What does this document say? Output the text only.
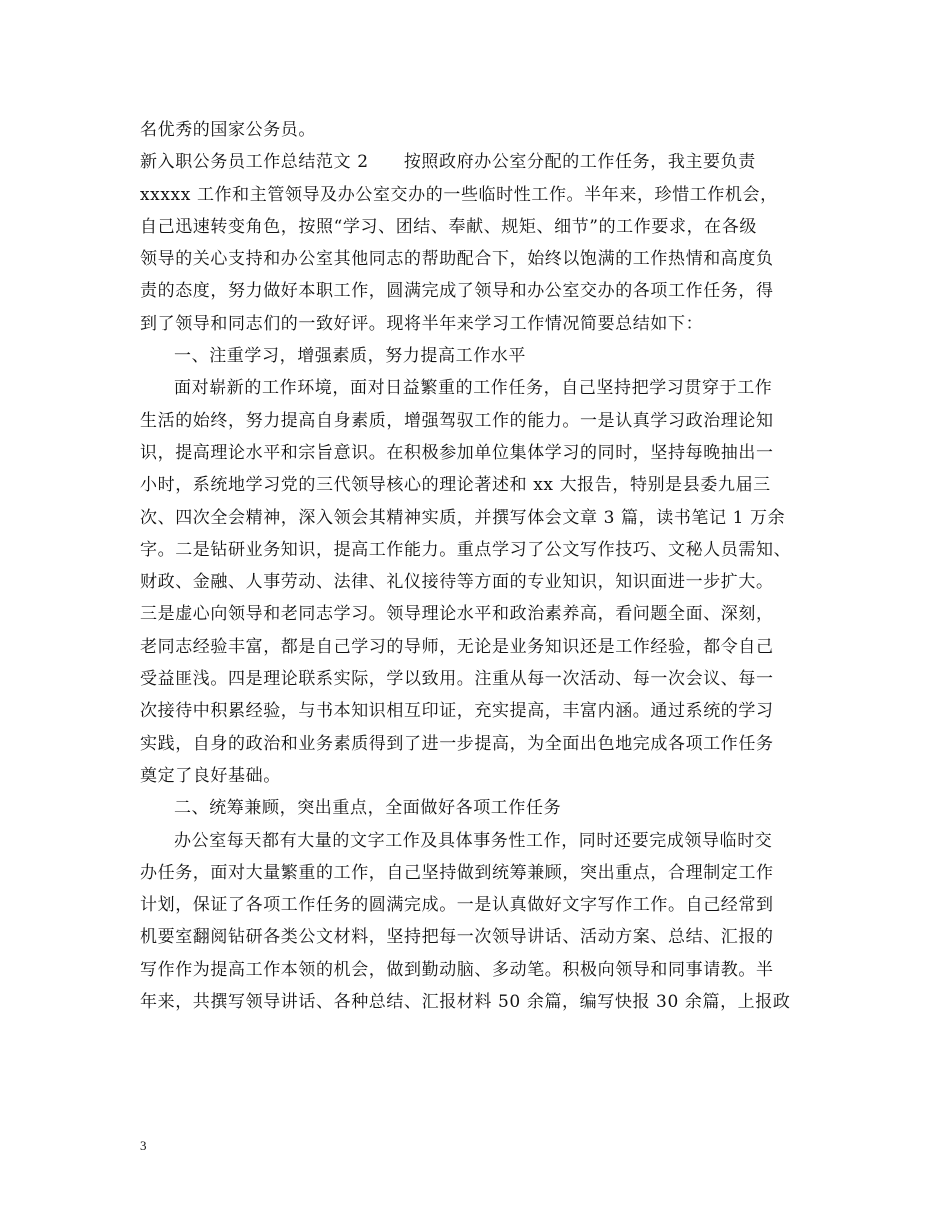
名优秀的国家公务员。

新入职公务员工作总结范文 2　　按照政府办公室分配的工作任务，我主要负责

xxxxx 工作和主管领导及办公室交办的一些临时性工作。半年来，珍惜工作机会，

自己迅速转变角色，按照“学习、团结、奉献、规矩、细节”的工作要求，在各级

领导的关心支持和办公室其他同志的帮助配合下，始终以饱满的工作热情和高度负

责的态度，努力做好本职工作，圆满完成了领导和办公室交办的各项工作任务，得

到了领导和同志们的一致好评。现将半年来学习工作情况简要总结如下：

一、注重学习，增强素质，努力提高工作水平

面对崭新的工作环境，面对日益繁重的工作任务，自己坚持把学习贯穿于工作

生活的始终，努力提高自身素质，增强驾驭工作的能力。一是认真学习政治理论知

识，提高理论水平和宗旨意识。在积极参加单位集体学习的同时，坚持每晚抽出一

小时，系统地学习党的三代领导核心的理论著述和 xx 大报告，特别是县委九届三

次、四次全会精神，深入领会其精神实质，并撰写体会文章 3 篇，读书笔记 1 万余

字。二是钻研业务知识，提高工作能力。重点学习了公文写作技巧、文秘人员需知、

财政、金融、人事劳动、法律、礼仪接待等方面的专业知识，知识面进一步扩大。

三是虚心向领导和老同志学习。领导理论水平和政治素养高，看问题全面、深刻，

老同志经验丰富，都是自己学习的导师，无论是业务知识还是工作经验，都令自己

受益匪浅。四是理论联系实际，学以致用。注重从每一次活动、每一次会议、每一

次接待中积累经验，与书本知识相互印证，充实提高，丰富内涵。通过系统的学习

实践，自身的政治和业务素质得到了进一步提高，为全面出色地完成各项工作任务

奠定了良好基础。

二、统筹兼顾，突出重点，全面做好各项工作任务

办公室每天都有大量的文字工作及具体事务性工作，同时还要完成领导临时交

办任务，面对大量繁重的工作，自己坚持做到统筹兼顾，突出重点，合理制定工作

计划，保证了各项工作任务的圆满完成。一是认真做好文字写作工作。自己经常到

机要室翻阅钻研各类公文材料，坚持把每一次领导讲话、活动方案、总结、汇报的

写作作为提高工作本领的机会，做到勤动脑、多动笔。积极向领导和同事请教。半

年来，共撰写领导讲话、各种总结、汇报材料 50 余篇，编写快报 30 余篇，上报政

3
